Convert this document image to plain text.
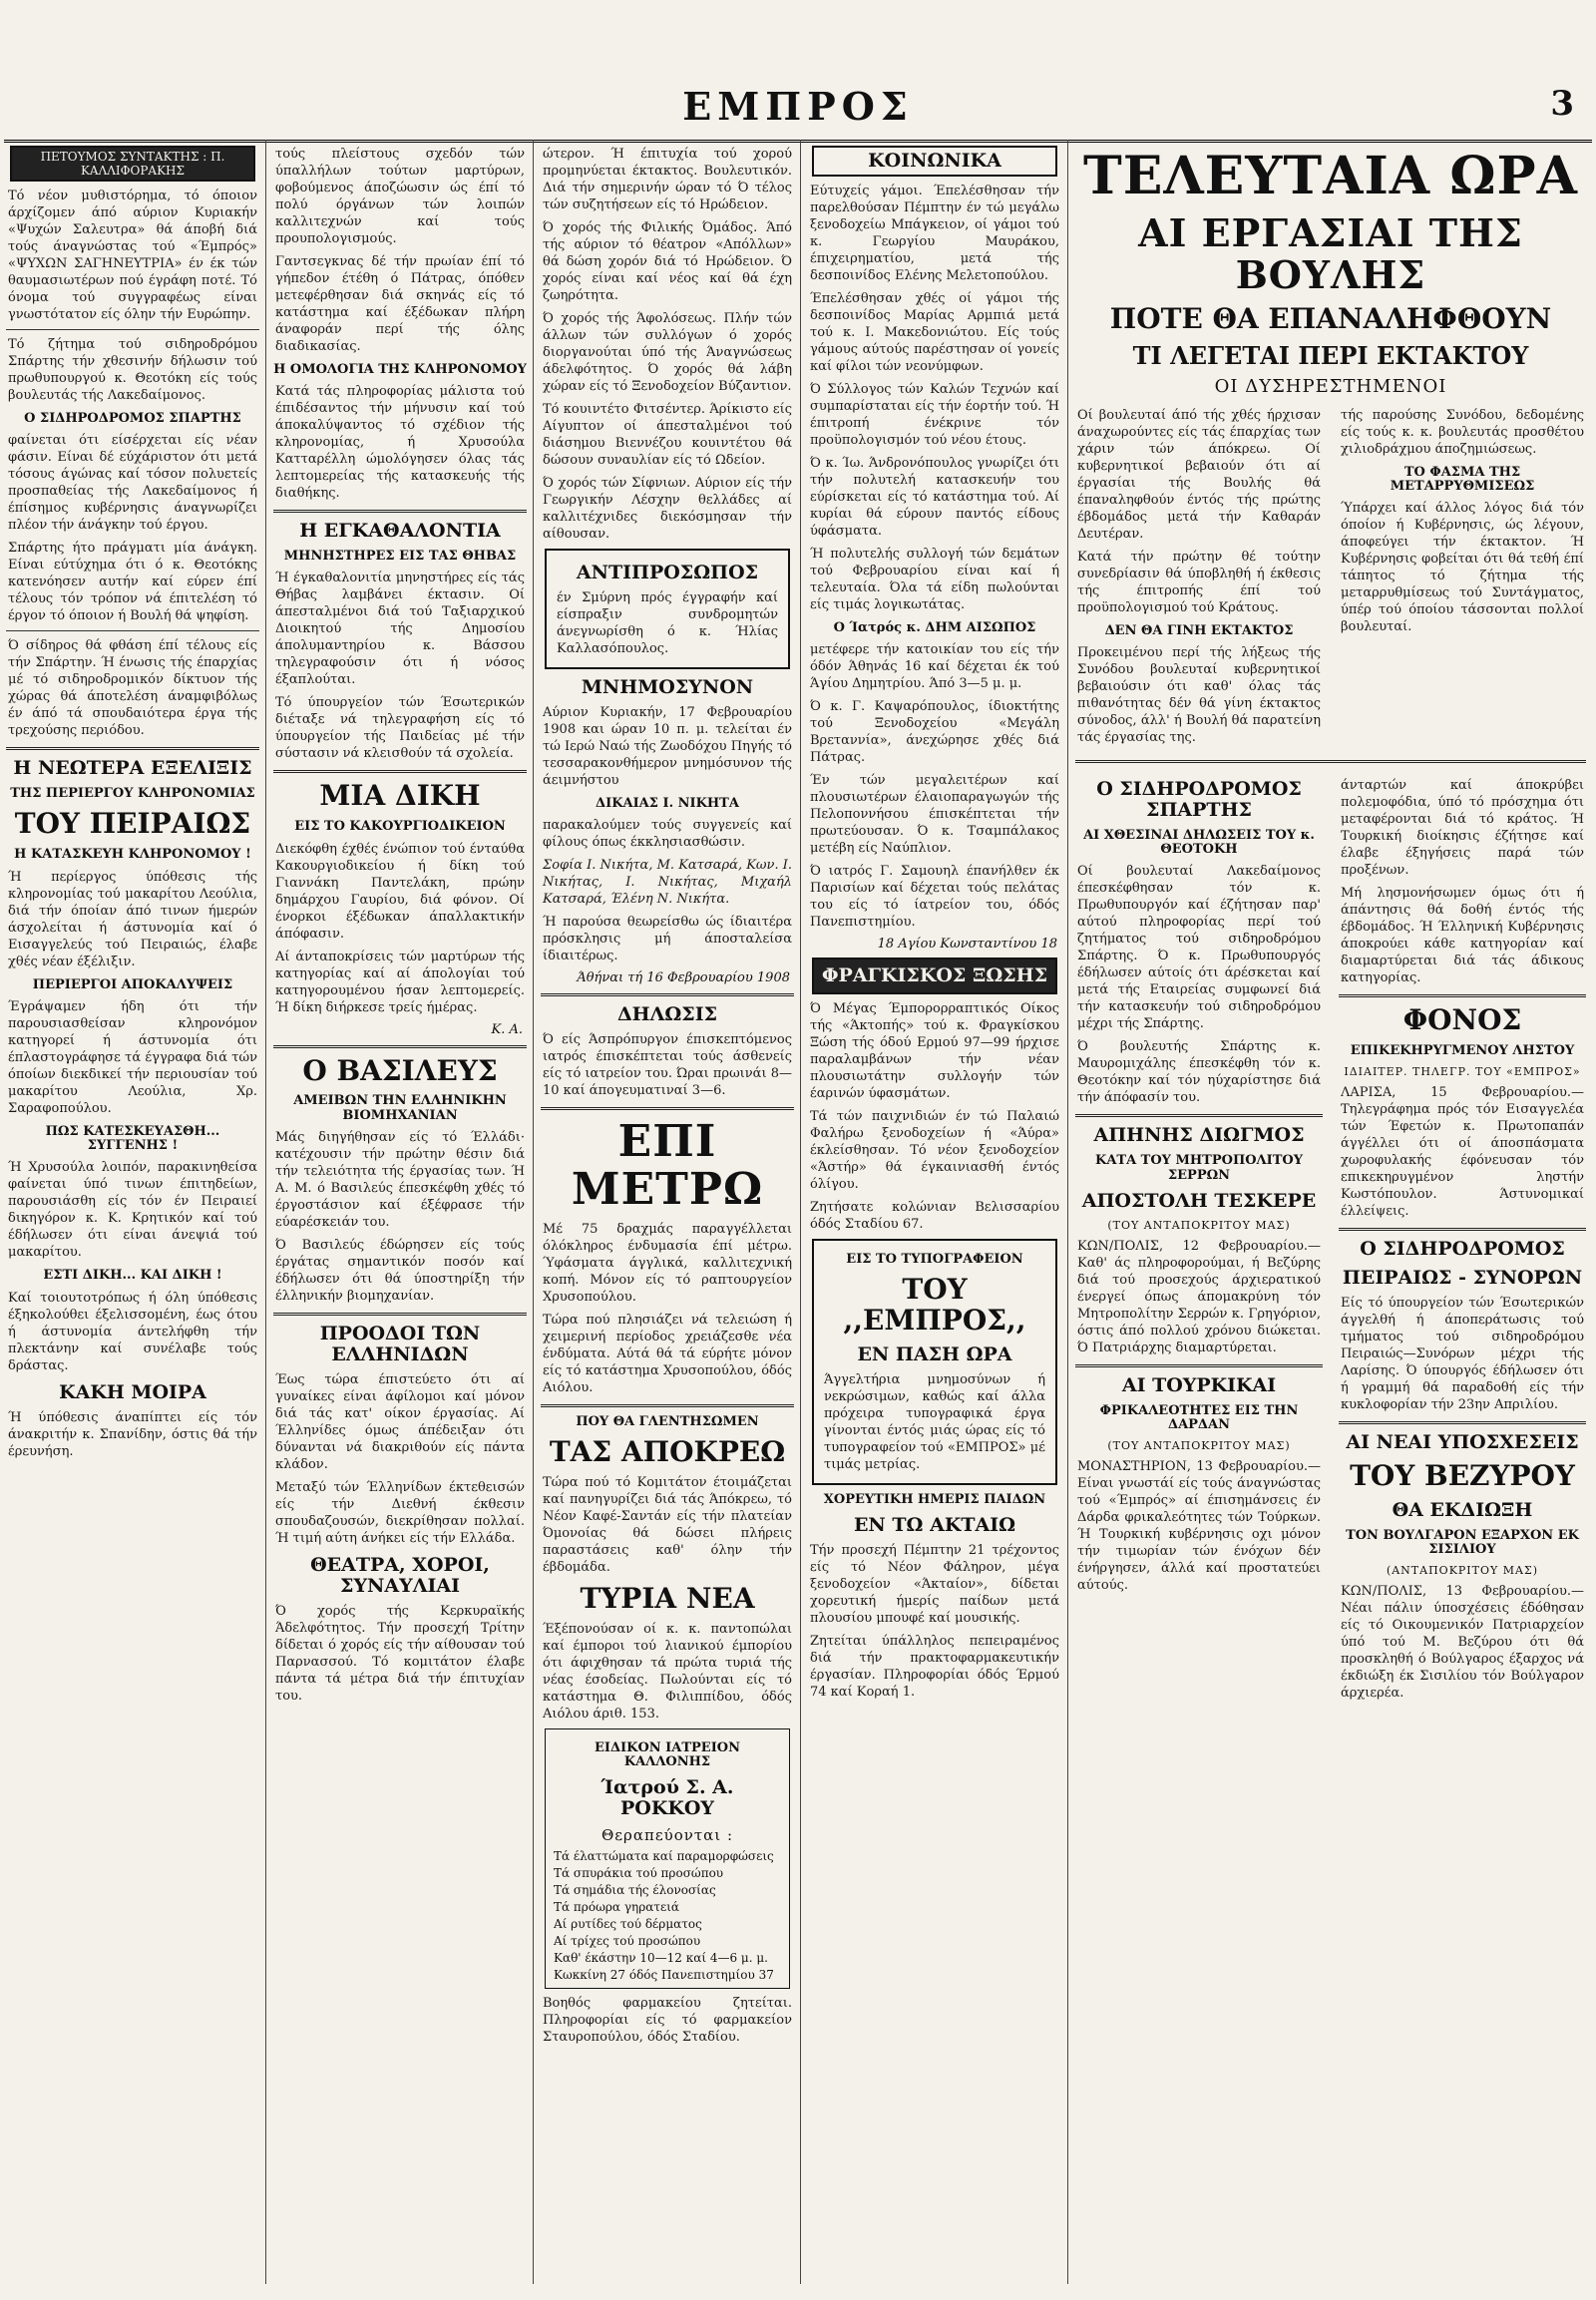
ΕΜΠΡΟΣ	3
ΠΕΤΟΥΜΟΣ ΣΥΝΤΑΚΤΗΣ : Π. ΚΑΛΛΙΦΟΡΑΚΗΣ
Τό νέον μυθιστόρημα, τό όποιον άρχίζομεν άπό αύριον Κυριακήν «Ψυχών Σαλευτρα» θά άποβή διά τούς άναγνώστας τού «Έμπρός» «ΨΥΧΩΝ ΣΑΓΗΝΕΥΤΡΙΑ» έν έκ τών θαυμασιωτέρων πού έγράφη ποτέ. Τό όνομα τού συγγραφέως είναι γνωστότατον είς όλην τήν Ευρώπην.
Τό ζήτημα τού σιδηροδρόμου Σπάρτης τήν χθεσινήν δήλωσιν τού πρωθυπουργού κ. Θεοτόκη είς τούς βουλευτάς τής Λακεδαίμονος.
Ο ΣΙΔΗΡΟΔΡΟΜΟΣ ΣΠΑΡΤΗΣ
φαίνεται ότι είσέρχεται είς νέαν φάσιν. Είναι δέ εύχάριστον ότι μετά τόσους άγώνας καί τόσον πολυετείς προσπαθείας τής Λακεδαίμονος ή έπίσημος κυβέρνησις άναγνωρίζει πλέον τήν άνάγκην τού έργου.
Σπάρτης ήτο πράγματι μία άνάγκη. Είναι εύτύχημα ότι ό κ. Θεοτόκης κατενόησεν αυτήν καί εύρεν έπί τέλους τόν τρόπον νά έπιτελέση τό έργον τό όποιον ή Βουλή θά ψηφίση.
Ό σίδηρος θά φθάση έπί τέλους είς τήν Σπάρτην. Ή ένωσις τής έπαρχίας μέ τό σιδηροδρομικόν δίκτυον τής χώρας θά άποτελέση άναμφιβόλως έν άπό τά σπουδαιότερα έργα τής τρεχούσης περιόδου.
Η ΝΕΩΤΕΡΑ ΕΞΕΛΙΞΙΣ
ΤΗΣ ΠΕΡΙΕΡΓΟΥ ΚΛΗΡΟΝΟΜΙΑΣ
ΤΟΥ ΠΕΙΡΑΙΩΣ
Η ΚΑΤΑΣΚΕΥΗ ΚΛΗΡΟΝΟΜΟΥ !
Ή περίεργος ύπόθεσις τής κληρονομίας τού μακαρίτου Λεούλια, διά τήν όποίαν άπό τινων ήμερών άσχολείται ή άστυνομία καί ό Εισαγγελεύς τού Πειραιώς, έλαβε χθές νέαν έξέλιξιν.
ΠΕΡΙΕΡΓΟΙ ΑΠΟΚΑΛΥΨΕΙΣ
Έγράψαμεν ήδη ότι τήν παρουσιασθείσαν κληρονόμον κατηγορεί ή άστυνομία ότι έπλαστογράφησε τά έγγραφα διά τών όποίων διεκδικεί τήν περιουσίαν τού μακαρίτου Λεούλια, Χρ. Σαραφοπούλου.
ΠΩΣ ΚΑΤΕΣΚΕΥΑΣΘΗ... ΣΥΓΓΕΝΗΣ !
Ή Χρυσούλα λοιπόν, παρακινηθείσα φαίνεται ύπό τινων έπιτηδείων, παρουσιάσθη είς τόν έν Πειραιεί δικηγόρον κ. Κ. Κρητικόν καί τού έδήλωσεν ότι είναι άνεψιά τού μακαρίτου.
ΕΣΤΙ ΔΙΚΗ... ΚΑΙ ΔΙΚΗ !
Καί τοιουτοτρόπως ή όλη ύπόθεσις έξηκολούθει έξελισσομένη, έως ότου ή άστυνομία άντελήφθη τήν πλεκτάνην καί συνέλαβε τούς δράστας.
ΚΑΚΗ ΜΟΙΡΑ
Ή ύπόθεσις άναπίπτει είς τόν άνακριτήν κ. Σπανίδην, όστις θά τήν έρευνήση.
τούς πλείστους σχεδόν τών ύπαλλήλων τούτων μαρτύρων, φοβούμενος άποζώωσιν ώς έπί τό πολύ όργάνων τών λοιπών καλλιτεχνών καί τούς προυπολογισμούς.
Γαντσεγκνας δέ τήν πρωίαν έπί τό γήπεδον έτέθη ό Πάτρας, όπόθεν μετεφέρθησαν διά σκηνάς είς τό κατάστημα καί έξέδωκαν πλήρη άναφοράν περί τής όλης διαδικασίας.
Η ΟΜΟΛΟΓΙΑ ΤΗΣ ΚΛΗΡΟΝΟΜΟΥ
Κατά τάς πληροφορίας μάλιστα τού έπιδέσαντος τήν μήνυσιν καί τού άποκαλύψαντος τό σχέδιον τής κληρονομίας, ή Χρυσούλα Κατταρέλλη ώμολόγησεν όλας τάς λεπτομερείας τής κατασκευής τής διαθήκης.
Η ΕΓΚΑΘΑΛΟΝΤΙΑ
ΜΗΝΗΣΤΗΡΕΣ ΕΙΣ ΤΑΣ ΘΗΒΑΣ
Ή έγκαθαλονιτία μηνηστήρες είς τάς Θήβας λαμβάνει έκτασιν. Οί άπεσταλμένοι διά τού Ταξιαρχικού Διοικητού τής Δημοσίου άπολυμαντηρίου κ. Βάσσου τηλεγραφούσιν ότι ή νόσος έξαπλούται.
Τό ύπουργείον τών Έσωτερικών διέταξε νά τηλεγραφήση είς τό ύπουργείον τής Παιδείας μέ τήν σύστασιν νά κλεισθούν τά σχολεία.
ΜΙΑ ΔΙΚΗ
ΕΙΣ ΤΟ ΚΑΚΟΥΡΓΙΟΔΙΚΕΙΟΝ
Διεκόφθη έχθές ένώπιον τού ένταύθα Κακουργιοδικείου ή δίκη τού Γιαννάκη Παντελάκη, πρώην δημάρχου Γαυρίου, διά φόνον. Οί ένορκοι έξέδωκαν άπαλλακτικήν άπόφασιν.
Αί άνταποκρίσεις τών μαρτύρων τής κατηγορίας καί αί άπολογίαι τού κατηγορουμένου ήσαν λεπτομερείς. Ή δίκη διήρκεσε τρείς ήμέρας.
Κ. Α.
Ο ΒΑΣΙΛΕΥΣ
ΑΜΕΙΒΩΝ ΤΗΝ ΕΛΛΗΝΙΚΗΝ ΒΙΟΜΗΧΑΝΙΑΝ
Μάς διηγήθησαν είς τό Έλλάδι· κατέχουσιν τήν πρώτην θέσιν διά τήν τελειότητα τής έργασίας των. Ή Α. Μ. ό Βασιλεύς έπεσκέφθη χθές τό έργοστάσιον καί έξέφρασε τήν εύαρέσκειάν του.
Ό Βασιλεύς έδώρησεν είς τούς έργάτας σημαντικόν ποσόν καί έδήλωσεν ότι θά ύποστηρίξη τήν έλληνικήν βιομηχανίαν.
ΠΡΟΟΔΟΙ ΤΩΝ ΕΛΛΗΝΙΔΩΝ
Έως τώρα έπιστεύετο ότι αί γυναίκες είναι άφίλομοι καί μόνον διά τάς κατ' οίκον έργασίας. Αί Έλληνίδες όμως άπέδειξαν ότι δύνανται νά διακριθούν είς πάντα κλάδον.
Μεταξύ τών Έλληνίδων έκτεθεισών είς τήν Διεθνή έκθεσιν σπουδαζουσών, διεκρίθησαν πολλαί. Ή τιμή αύτη άνήκει είς τήν Ελλάδα.
ΘΕΑΤΡΑ, ΧΟΡΟΙ, ΣΥΝΑΥΛΙΑΙ
Ό χορός τής Κερκυραϊκής Άδελφότητος. Τήν προσεχή Τρίτην δίδεται ό χορός είς τήν αίθουσαν τού Παρνασσού. Τό κομιτάτον έλαβε πάντα τά μέτρα διά τήν έπιτυχίαν του.
ώτερον. Ή έπιτυχία τού χορού προμηνύεται έκτακτος. Βουλευτικόν. Διά τήν σημερινήν ώραν τό Ό τέλος τών συζητήσεων είς τό Ηρώδειον.
Ό χορός τής Φιλικής Όμάδος. Άπό τής αύριον τό θέατρον «Απόλλων» θά δώση χορόν διά τό Ηρώδειον. Ό χορός είναι καί νέος καί θά έχη ζωηρότητα.
Ό χορός τής Άφολόσεως. Πλήν τών άλλων τών συλλόγων ό χορός διοργανούται ύπό τής Άναγνώσεως άδελφότητος. Ό χορός θά λάβη χώραν είς τό Ξενοδοχείον Βύζαντιον.
Τό κουιντέτο Φιτσέντερ. Άρίκιστο είς Αίγυπτον οί άπεσταλμένοι τού διάσημου Βιεννέζου κουιντέτου θά δώσουν συναυλίαν είς τό Ωδείον.
Ό χορός τών Σίφνιων. Αύριον είς τήν Γεωργικήν Λέσχην θελλάδες αί καλλιτέχνιδες διεκόσμησαν τήν αίθουσαν.
ΑΝΤΙΠΡΟΣΩΠΟΣ
έν Σμύρνη πρός έγγραφήν καί είσπραξιν συνδρομητών άνεγνωρίσθη ό κ. Ήλίας Καλλασόπουλος.
ΜΝΗΜΟΣΥΝΟΝ
Αύριον Κυριακήν, 17 Φεβρουαρίου 1908 και ώραν 10 π. μ. τελείται έν τώ Ιερώ Ναώ τής Ζωοδόχου Πηγής τό τεσσαρακονθήμερον μνημόσυνον τής άειμνήστου
ΔΙΚΑΙΑΣ Ι. ΝΙΚΗΤΑ
παρακαλούμεν τούς συγγενείς καί φίλους όπως έκκλησιασθώσιν.
Σοφία Ι. Νικήτα, Μ. Κατσαρά, Κων. Ι. Νικήτας, Ι. Νικήτας, Μιχαήλ Κατσαρά, Έλένη Ν. Νικήτα.
Ή παρούσα θεωρείσθω ώς ίδιαιτέρα πρόσκλησις μή άποσταλείσα ίδιαιτέρως.
Άθήναι τή 16 Φεβρουαρίου 1908
ΔΗΛΩΣΙΣ
Ό είς Άσπρόπυργον έπισκεπτόμενος ιατρός έπισκέπτεται τούς άσθενείς είς τό ιατρείον του. Ώραι πρωινάι 8—10 καί άπογευματιναί 3—6.
ΕΠΙ ΜΕΤΡΩ
Μέ 75 δραχμάς παραγγέλλεται όλόκληρος ένδυμασία έπί μέτρω. Ύφάσματα άγγλικά, καλλιτεχνική κοπή. Μόνον είς τό ραπτουργείον Χρυσοπούλου.
Τώρα πού πλησιάζει νά τελειώση ή χειμερινή περίοδος χρειάζεσθε νέα ένδύματα. Αύτά θά τά εύρήτε μόνον είς τό κατάστημα Χρυσοπούλου, όδός Αιόλου.
ΠΟΥ ΘΑ ΓΛΕΝΤΗΣΩΜΕΝ
ΤΑΣ ΑΠΟΚΡΕΩ
Τώρα πού τό Κομιτάτον έτοιμάζεται καί πανηγυρίζει διά τάς Άπόκρεω, τό Νέον Καφέ-Σαντάν είς τήν πλατείαν Όμονοίας θά δώσει πλήρεις παραστάσεις καθ' όλην τήν έβδομάδα.
ΤΥΡΙΑ ΝΕΑ
Έξέπονούσαν οί κ. κ. παντοπώλαι καί έμποροι τού λιανικού έμπορίου ότι άφιχθησαν τά πρώτα τυριά τής νέας έσοδείας. Πωλούνται είς τό κατάστημα Θ. Φιλιππίδου, όδός Αιόλου άριθ. 153.
ΕΙΔΙΚΟΝ ΙΑΤΡΕΙΟΝ ΚΑΛΛΟΝΗΣ
Ίατρού Σ. Α. ΡΟΚΚΟΥ
Θεραπεύονται :
Τά έλαττώματα καί παραμορφώσεις
Τά σπυράκια τού προσώπου
Τά σημάδια τής έλονοσίας
Τά πρόωρα γηρατειά
Αί ρυτίδες τού δέρματος
Αί τρίχες τού προσώπου
Καθ' έκάστην 10—12 καί 4—6 μ. μ. Κωκκίνη 27 όδός Πανεπιστημίου 37
Βοηθός φαρμακείου ζητείται. Πληροφορίαι είς τό φαρμακείον Σταυροπούλου, όδός Σταδίου.
ΚΟΙΝΩΝΙΚΑ
Εύτυχείς γάμοι. Έπελέσθησαν τήν παρελθούσαν Πέμπτην έν τώ μεγάλω ξενοδοχείω Μπάγκειον, οί γάμοι τού κ. Γεωργίου Μαυράκου, έπιχειρηματίου, μετά τής δεσποινίδος Ελένης Μελετοπούλου.
Έπελέσθησαν χθές οί γάμοι τής δεσποινίδος Μαρίας Αρμπιά μετά τού κ. Ι. Μακεδονιώτου. Είς τούς γάμους αύτούς παρέστησαν οί γονείς καί φίλοι τών νεονύμφων.
Ό Σύλλογος τών Καλών Τεχνών καί συμπαρίσταται είς τήν έορτήν τού. Ή έπιτροπή ένέκρινε τόν προϋπολογισμόν τού νέου έτους.
Ό κ. Ίω. Άνδρονόπουλος γνωρίζει ότι τήν πολυτελή κατασκευήν του εύρίσκεται είς τό κατάστημα τού. Αί κυρίαι θά εύρουν παντός είδους ύφάσματα.
Ή πολυτελής συλλογή τών δεμάτων τού Φεβρουαρίου είναι καί ή τελευταία. Όλα τά είδη πωλούνται είς τιμάς λογικωτάτας.
Ο Ίατρός κ. ΔΗΜ ΑΙΣΩΠΟΣ
μετέφερε τήν κατοικίαν του είς τήν όδόν Άθηνάς 16 καί δέχεται έκ τού Άγίου Δημητρίου. Άπό 3—5 μ. μ.
Ό κ. Γ. Καψαρόπουλος, ίδιοκτήτης τού Ξενοδοχείου «Μεγάλη Βρεταννία», άνεχώρησε χθές διά Πάτρας.
Έν τών μεγαλειτέρων καί πλουσιωτέρων έλαιοπαραγωγών τής Πελοποννήσου έπισκέπτεται τήν πρωτεύουσαν. Ό κ. Τσαμπάλακος μετέβη είς Ναύπλιον.
Ό ιατρός Γ. Σαμουηλ έπανήλθεν έκ Παρισίων καί δέχεται τούς πελάτας του είς τό ίατρείον του, όδός Πανεπιστημίου.
18 Αγίου Κωνσταντίνου 18
ΦΡΑΓΚΙΣΚΟΣ ΞΩΣΗΣ
Ό Μέγας Έμπορορραπτικός Οίκος τής «Άκτοπής» τού κ. Φραγκίσκου Ξώση τής όδού Ερμού 97—99 ήρχισε παραλαμβάνων τήν νέαν πλουσιωτάτην συλλογήν τών έαρινών ύφασμάτων.
Τά τών παιχνιδιών έν τώ Παλαιώ Φαλήρω ξενοδοχείων ή «Άύρα» έκλείσθησαν. Τό νέον ξενοδοχείον «Άστήρ» θά έγκαινιασθή έντός όλίγου.
Ζητήσατε κολώνιαν Βελισσαρίου όδός Σταδίου 67.
ΕΙΣ ΤΟ ΤΥΠΟΓΡΑΦΕΙΟΝ
ΤΟΥ ,,ΕΜΠΡΟΣ,,
ΕΝ ΠΑΣΗ ΩΡΑ
Άγγελτήρια μνημοσύνων ή νεκρώσιμων, καθώς καί άλλα πρόχειρα τυπογραφικά έργα γίνονται έντός μιάς ώρας είς τό τυπογραφείον τού «ΕΜΠΡΟΣ» μέ τιμάς μετρίας.
ΧΟΡΕΥΤΙΚΗ ΗΜΕΡΙΣ ΠΑΙΔΩΝ
ΕΝ ΤΩ ΑΚΤΑΙΩ
Τήν προσεχή Πέμπτην 21 τρέχοντος είς τό Νέον Φάληρον, μέγα ξενοδοχείον «Άκταίον», δίδεται χορευτική ήμερίς παίδων μετά πλουσίου μπουφέ καί μουσικής.
Ζητείται ύπάλληλος πεπειραμένος διά τήν πρακτοφαρμακευτικήν έργασίαν. Πληροφορίαι όδός Έρμού 74 καί Κοραή 1.
ΤΕΛΕΥΤΑΙΑ ΩΡΑ
ΑΙ ΕΡΓΑΣΙΑΙ ΤΗΣ ΒΟΥΛΗΣ
ΠΟΤΕ ΘΑ ΕΠΑΝΑΛΗΦΘΟΥΝ
ΤΙ ΛΕΓΕΤΑΙ ΠΕΡΙ ΕΚΤΑΚΤΟΥ
ΟΙ ΔΥΣΗΡΕΣΤΗΜΕΝΟΙ
Οί βουλευταί άπό τής χθές ήρχισαν άναχωρούντες είς τάς έπαρχίας των χάριν τών άπόκρεω. Οί κυβερνητικοί βεβαιούν ότι αί έργασίαι τής Βουλής θά έπαναληφθούν έντός τής πρώτης έβδομάδος μετά τήν Καθαράν Δευτέραν.
Κατά τήν πρώτην θέ τούτην συνεδρίασιν θά ύποβληθή ή έκθεσις τής έπιτροπής έπί τού προϋπολογισμού τού Κράτους.
ΔΕΝ ΘΑ ΓΙΝΗ ΕΚΤΑΚΤΟΣ
Προκειμένου περί τής λήξεως τής Συνόδου βουλευταί κυβερνητικοί βεβαιούσιν ότι καθ' όλας τάς πιθανότητας δέν θά γίνη έκτακτος σύνοδος, άλλ' ή Βουλή θά παρατείνη τάς έργασίας της.
τής παρούσης Συνόδου, δεδομένης είς τούς κ. κ. βουλευτάς προσθέτου χιλιοδράχμου άποζημιώσεως.
ΤΟ ΦΑΣΜΑ ΤΗΣ ΜΕΤΑΡΡΥΘΜΙΣΕΩΣ
Ύπάρχει καί άλλος λόγος διά τόν όποίον ή Κυβέρνησις, ώς λέγουν, άποφεύγει τήν έκτακτον. Ή Κυβέρνησις φοβείται ότι θά τεθή έπί τάπητος τό ζήτημα τής μεταρρυθμίσεως τού Συντάγματος, ύπέρ τού όποίου τάσσονται πολλοί βουλευταί.
Ο ΣΙΔΗΡΟΔΡΟΜΟΣ ΣΠΑΡΤΗΣ
ΑΙ ΧΘΕΣΙΝΑΙ ΔΗΛΩΣΕΙΣ ΤΟΥ κ. ΘΕΟΤΟΚΗ
Οί βουλευταί Λακεδαίμονος έπεσκέφθησαν τόν κ. Πρωθυπουργόν καί έζήτησαν παρ' αύτού πληροφορίας περί τού ζητήματος τού σιδηροδρόμου Σπάρτης. Ό κ. Πρωθυπουργός έδήλωσεν αύτοίς ότι άρέσκεται καί μετά τής Εταιρείας συμφωνεί διά τήν κατασκευήν τού σιδηροδρόμου μέχρι τής Σπάρτης.
Ό βουλευτής Σπάρτης κ. Μαυρομιχάλης έπεσκέφθη τόν κ. Θεοτόκην καί τόν ηύχαρίστησε διά τήν άπόφασίν του.
ΑΠΗΝΗΣ ΔΙΩΓΜΟΣ
ΚΑΤΑ ΤΟΥ ΜΗΤΡΟΠΟΛΙΤΟΥ ΣΕΡΡΩΝ
ΑΠΟΣΤΟΛΗ ΤΕΣΚΕΡΕ
(ΤΟΥ ΑΝΤΑΠΟΚΡΙΤΟΥ ΜΑΣ)
ΚΩΝ/ΠΟΛΙΣ, 12 Φεβρουαρίου.— Καθ' άς πληροφορούμαι, ή Βεζύρης διά τού προσεχούς άρχιερατικού ένεργεί όπως άπομακρύνη τόν Μητροπολίτην Σερρών κ. Γρηγόριον, όστις άπό πολλού χρόνου διώκεται. Ό Πατριάρχης διαμαρτύρεται.
ΑΙ ΤΟΥΡΚΙΚΑΙ
ΦΡΙΚΑΛΕΟΤΗΤΕΣ ΕΙΣ ΤΗΝ ΔΑΡΔΑΝ
(ΤΟΥ ΑΝΤΑΠΟΚΡΙΤΟΥ ΜΑΣ)
ΜΟΝΑΣΤΗΡΙΟΝ, 13 Φεβρουαρίου.— Είναι γνωστάί είς τούς άναγνώστας τού «Έμπρός» αί έπισημάνσεις έν Δάρδα φρικαλεότητες τών Τούρκων. Ή Τουρκική κυβέρνησις οχι μόνον τήν τιμωρίαν τών ένόχων δέν ένήργησεν, άλλά καί προστατεύει αύτούς.
άνταρτών καί άποκρύβει πολεμοφόδια, ύπό τό πρόσχημα ότι μεταφέρονται διά τό κράτος. Ή Τουρκική διοίκησις έζήτησε καί έλαβε έξηγήσεις παρά τών προξένων.
Μή λησμονήσωμεν όμως ότι ή άπάντησις θά δοθή έντός τής έβδομάδος. Ή Έλληνική Κυβέρνησις άποκρούει κάθε κατηγορίαν καί διαμαρτύρεται διά τάς άδικους κατηγορίας.
ΦΟΝΟΣ
ΕΠΙΚΕΚΗΡΥΓΜΕΝΟΥ ΛΗΣΤΟΥ
ΙΔΙΑΙΤΕΡ. ΤΗΛΕΓΡ. ΤΟΥ «ΕΜΠΡΟΣ»
ΛΑΡΙΣΑ, 15 Φεβρουαρίου.— Τηλεγράφημα πρός τόν Εισαγγελέα τών Έφετών κ. Πρωτοπαπάν άγγέλλει ότι οί άποσπάσματα χωροφυλακής έφόνευσαν τόν επικεκηρυγμένον ληστήν Κωστόπουλον. Άστυνομικαί έλλείψεις.
Ο ΣΙΔΗΡΟΔΡΟΜΟΣ
ΠΕΙΡΑΙΩΣ - ΣΥΝΟΡΩΝ
Είς τό ύπουργείον τών Έσωτερικών άγγελθή ή άποπεράτωσις τού τμήματος τού σιδηροδρόμου Πειραιώς—Συνόρων μέχρι τής Λαρίσης. Ό ύπουργός έδήλωσεν ότι ή γραμμή θά παραδοθή είς τήν κυκλοφορίαν τήν 23ην Απριλίου.
ΑΙ ΝΕΑΙ ΥΠΟΣΧΕΣΕΙΣ
ΤΟΥ ΒΕΖΥΡΟΥ
ΘΑ ΕΚΔΙΩΞΗ
ΤΟΝ ΒΟΥΛΓΑΡΟΝ ΕΞΑΡΧΟΝ ΕΚ ΣΙΣΙΛΙΟΥ
(ΑΝΤΑΠΟΚΡΙΤΟΥ ΜΑΣ)
ΚΩΝ/ΠΟΛΙΣ, 13 Φεβρουαρίου.— Νέαι πάλιν ύποσχέσεις έδόθησαν είς τό Οικουμενικόν Πατριαρχείον ύπό τού Μ. Βεζύρου ότι θά προσκληθή ό Βούλγαρος έξαρχος νά έκδιώξη έκ Σισιλίου τόν Βούλγαρον άρχιερέα.
